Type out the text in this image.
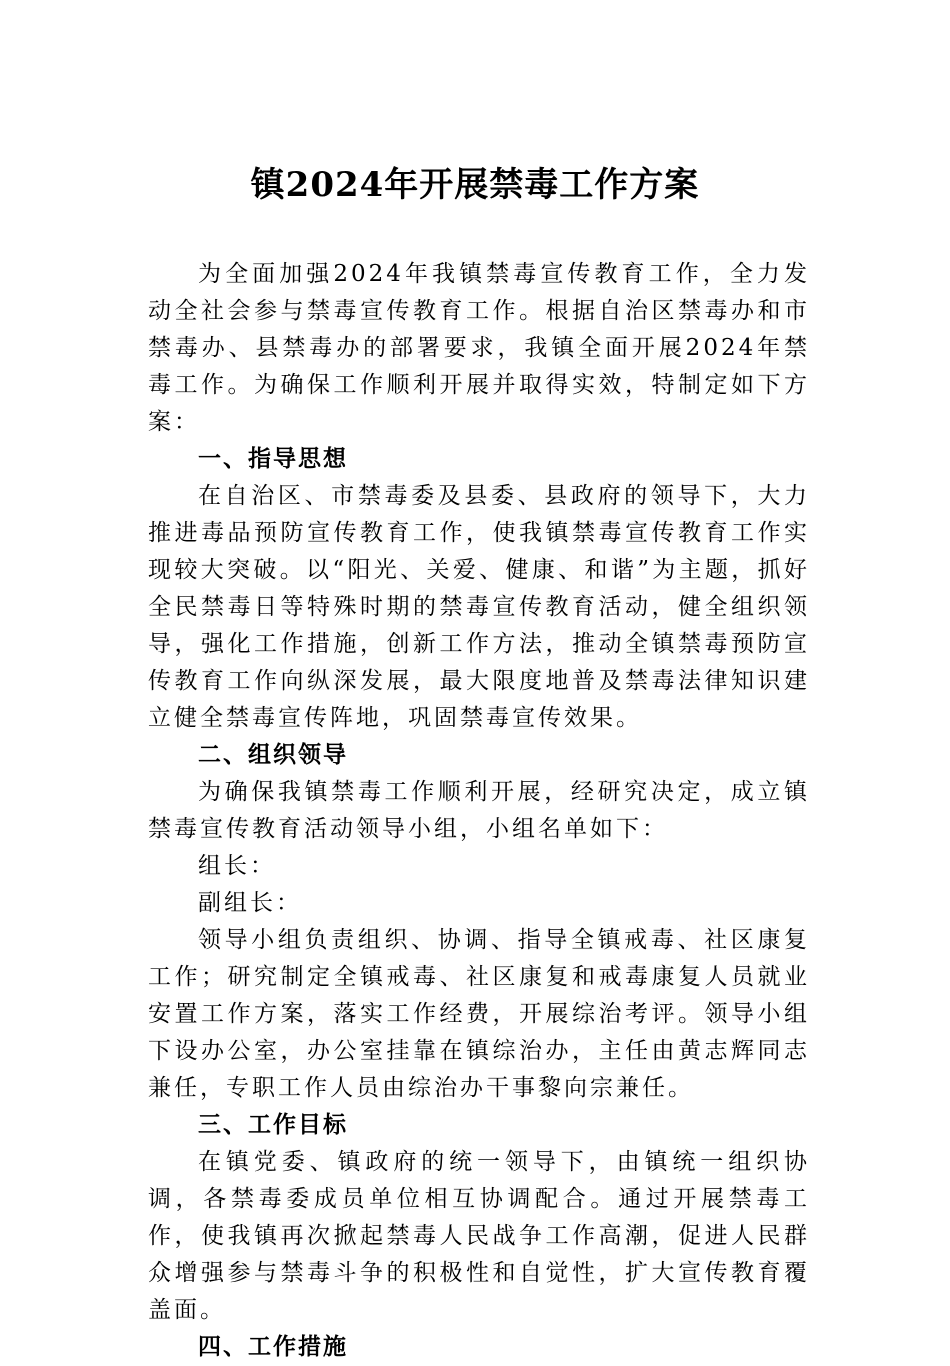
镇2024年开展禁毒工作方案

为全面加强2024年我镇禁毒宣传教育工作，全力发动全社会参与禁毒宣传教育工作。根据自治区禁毒办和市禁毒办、县禁毒办的部署要求，我镇全面开展2024年禁毒工作。为确保工作顺利开展并取得实效，特制定如下方案：

一、指导思想

在自治区、市禁毒委及县委、县政府的领导下，大力推进毒品预防宣传教育工作，使我镇禁毒宣传教育工作实现较大突破。以“阳光、关爱、健康、和谐”为主题，抓好全民禁毒日等特殊时期的禁毒宣传教育活动，健全组织领导，强化工作措施，创新工作方法，推动全镇禁毒预防宣传教育工作向纵深发展，最大限度地普及禁毒法律知识建立健全禁毒宣传阵地，巩固禁毒宣传效果。

二、组织领导

为确保我镇禁毒工作顺利开展，经研究决定，成立镇禁毒宣传教育活动领导小组，小组名单如下：

组长：

副组长：

领导小组负责组织、协调、指导全镇戒毒、社区康复工作；研究制定全镇戒毒、社区康复和戒毒康复人员就业安置工作方案，落实工作经费，开展综治考评。领导小组下设办公室，办公室挂靠在镇综治办，主任由黄志辉同志兼任，专职工作人员由综治办干事黎向宗兼任。

三、工作目标

在镇党委、镇政府的统一领导下，由镇统一组织协调，各禁毒委成员单位相互协调配合。通过开展禁毒工作，使我镇再次掀起禁毒人民战争工作高潮，促进人民群众增强参与禁毒斗争的积极性和自觉性，扩大宣传教育覆盖面。

四、工作措施
